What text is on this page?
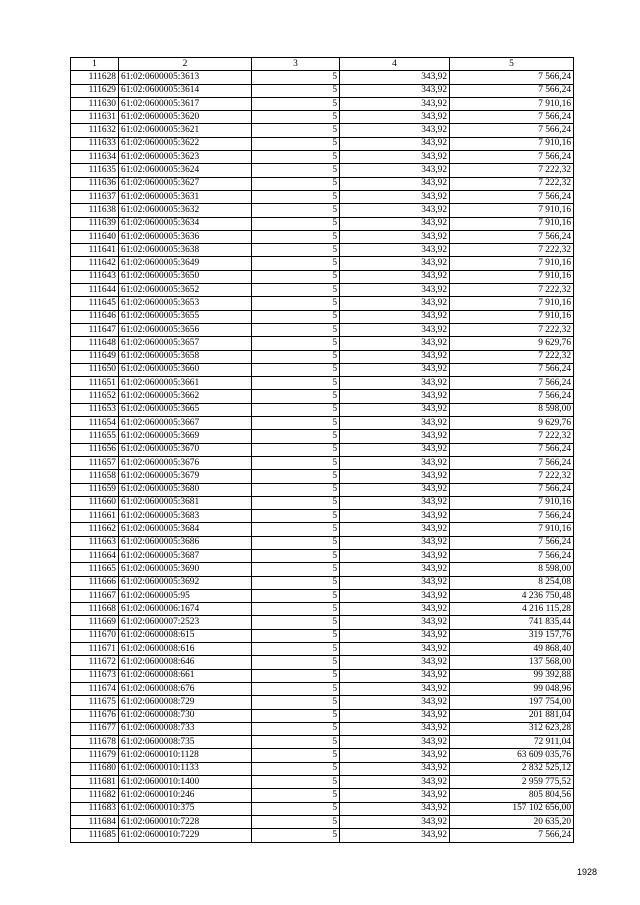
1	2	3	4	5
111628	61:02:0600005:3613	5	343,92	7 566,24
111629	61:02:0600005:3614	5	343,92	7 566,24
111630	61:02:0600005:3617	5	343,92	7 910,16
111631	61:02:0600005:3620	5	343,92	7 566,24
111632	61:02:0600005:3621	5	343,92	7 566,24
111633	61:02:0600005:3622	5	343,92	7 910,16
111634	61:02:0600005:3623	5	343,92	7 566,24
111635	61:02:0600005:3624	5	343,92	7 222,32
111636	61:02:0600005:3627	5	343,92	7 222,32
111637	61:02:0600005:3631	5	343,92	7 566,24
111638	61:02:0600005:3632	5	343,92	7 910,16
111639	61:02:0600005:3634	5	343,92	7 910,16
111640	61:02:0600005:3636	5	343,92	7 566,24
111641	61:02:0600005:3638	5	343,92	7 222,32
111642	61:02:0600005:3649	5	343,92	7 910,16
111643	61:02:0600005:3650	5	343,92	7 910,16
111644	61:02:0600005:3652	5	343,92	7 222,32
111645	61:02:0600005:3653	5	343,92	7 910,16
111646	61:02:0600005:3655	5	343,92	7 910,16
111647	61:02:0600005:3656	5	343,92	7 222,32
111648	61:02:0600005:3657	5	343,92	9 629,76
111649	61:02:0600005:3658	5	343,92	7 222,32
111650	61:02:0600005:3660	5	343,92	7 566,24
111651	61:02:0600005:3661	5	343,92	7 566,24
111652	61:02:0600005:3662	5	343,92	7 566,24
111653	61:02:0600005:3665	5	343,92	8 598,00
111654	61:02:0600005:3667	5	343,92	9 629,76
111655	61:02:0600005:3669	5	343,92	7 222,32
111656	61:02:0600005:3670	5	343,92	7 566,24
111657	61:02:0600005:3676	5	343,92	7 566,24
111658	61:02:0600005:3679	5	343,92	7 222,32
111659	61:02:0600005:3680	5	343,92	7 566,24
111660	61:02:0600005:3681	5	343,92	7 910,16
111661	61:02:0600005:3683	5	343,92	7 566,24
111662	61:02:0600005:3684	5	343,92	7 910,16
111663	61:02:0600005:3686	5	343,92	7 566,24
111664	61:02:0600005:3687	5	343,92	7 566,24
111665	61:02:0600005:3690	5	343,92	8 598,00
111666	61:02:0600005:3692	5	343,92	8 254,08
111667	61:02:0600005:95	5	343,92	4 236 750,48
111668	61:02:0600006:1674	5	343,92	4 216 115,28
111669	61:02:0600007:2523	5	343,92	741 835,44
111670	61:02:0600008:615	5	343,92	319 157,76
111671	61:02:0600008:616	5	343,92	49 868,40
111672	61:02:0600008:646	5	343,92	137 568,00
111673	61:02:0600008:661	5	343,92	99 392,88
111674	61:02:0600008:676	5	343,92	99 048,96
111675	61:02:0600008:729	5	343,92	197 754,00
111676	61:02:0600008:730	5	343,92	201 881,04
111677	61:02:0600008:733	5	343,92	312 623,28
111678	61:02:0600008:735	5	343,92	72 911,04
111679	61:02:0600010:1128	5	343,92	63 609 035,76
111680	61:02:0600010:1133	5	343,92	2 832 525,12
111681	61:02:0600010:1400	5	343,92	2 959 775,52
111682	61:02:0600010:246	5	343,92	805 804,56
111683	61:02:0600010:375	5	343,92	157 102 656,00
111684	61:02:0600010:7228	5	343,92	20 635,20
111685	61:02:0600010:7229	5	343,92	7 566,24
1928
